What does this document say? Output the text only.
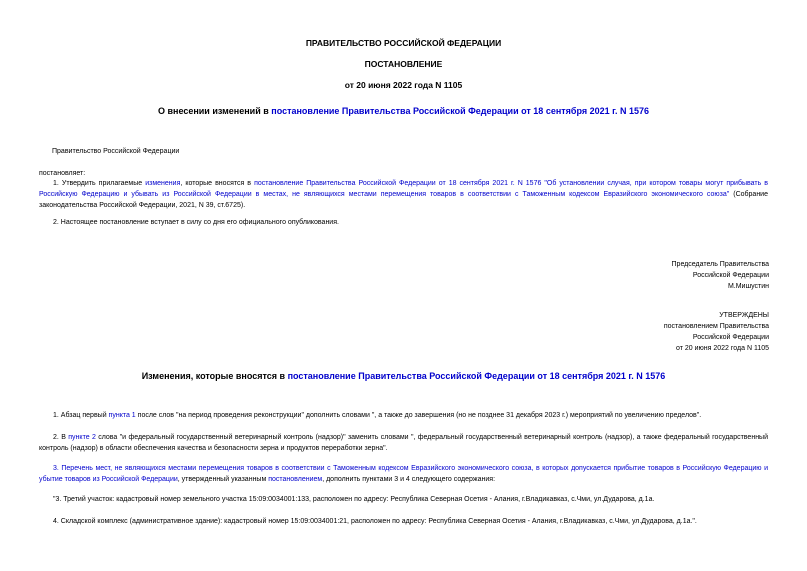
ПРАВИТЕЛЬСТВО РОССИЙСКОЙ ФЕДЕРАЦИИ
ПОСТАНОВЛЕНИЕ
от 20 июня 2022 года N 1105
О внесении изменений в постановление Правительства Российской Федерации от 18 сентября 2021 г. N 1576
Правительство Российской Федерации
постановляет:
1. Утвердить прилагаемые изменения, которые вносятся в постановление Правительства Российской Федерации от 18 сентября 2021 г. N 1576 "Об установлении случая, при котором товары могут прибывать в Российскую Федерацию и убывать из Российской Федерации в местах, не являющихся местами перемещения товаров в соответствии с Таможенным кодексом Евразийского экономического союза" (Собрание законодательства Российской Федерации, 2021, N 39, ст.6725).
2. Настоящее постановление вступает в силу со дня его официального опубликования.
Председатель Правительства
Российской Федерации
М.Мишустин
УТВЕРЖДЕНЫ
постановлением Правительства
Российской Федерации
от 20 июня 2022 года N 1105
Изменения, которые вносятся в постановление Правительства Российской Федерации от 18 сентября 2021 г. N 1576
1. Абзац первый пункта 1 после слов "на период проведения реконструкции" дополнить словами ", а также до завершения (но не позднее 31 декабря 2023 г.) мероприятий по увеличению пределов".
2. В пункте 2 слова "и федеральный государственный ветеринарный контроль (надзор)" заменить словами ", федеральный государственный ветеринарный контроль (надзор), а также федеральный государственный контроль (надзор) в области обеспечения качества и безопасности зерна и продуктов переработки зерна".
3. Перечень мест, не являющихся местами перемещения товаров в соответствии с Таможенным кодексом Евразийского экономического союза, в которых допускается прибытие товаров в Российскую Федерацию и убытие товаров из Российской Федерации, утвержденный указанным постановлением, дополнить пунктами 3 и 4 следующего содержания:
"3. Третий участок: кадастровый номер земельного участка 15:09:0034001:133, расположен по адресу: Республика Северная Осетия - Алания, г.Владикавказ, с.Чми, ул.Дударова, д.1а.
4. Складской комплекс (административное здание): кадастровый номер 15:09:0034001:21, расположен по адресу: Республика Северная Осетия - Алания, г.Владикавказ, с.Чми, ул.Дударова, д.1а.".
